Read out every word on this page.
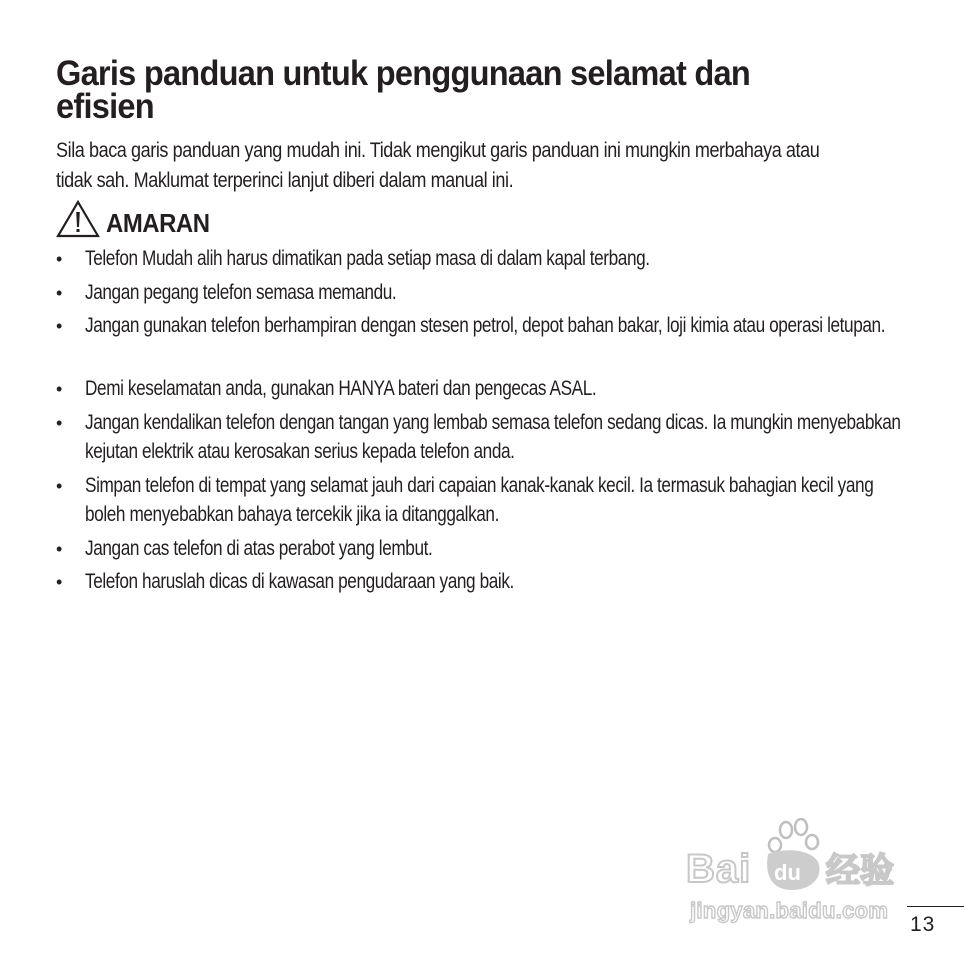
Garis panduan untuk penggunaan selamat dan efisien

Sila baca garis panduan yang mudah ini. Tidak mengikut garis panduan ini mungkin merbahaya atau tidak sah. Maklumat terperinci lanjut diberi dalam manual ini.

AMARAN
• Telefon Mudah alih harus dimatikan pada setiap masa di dalam kapal terbang.
• Jangan pegang telefon semasa memandu.
• Jangan gunakan telefon berhampiran dengan stesen petrol, depot bahan bakar, loji kimia atau operasi letupan.
• Demi keselamatan anda, gunakan HANYA bateri dan pengecas ASAL.
• Jangan kendalikan telefon dengan tangan yang lembab semasa telefon sedang dicas. Ia mungkin menyebabkan kejutan elektrik atau kerosakan serius kepada telefon anda.
• Simpan telefon di tempat yang selamat jauh dari capaian kanak-kanak kecil. Ia termasuk bahagian kecil yang boleh menyebabkan bahaya tercekik jika ia ditanggalkan.
• Jangan cas telefon di atas perabot yang lembut.
• Telefon haruslah dicas di kawasan pengudaraan yang baik.
Bai du 经验
jingyan.baidu.com
13
